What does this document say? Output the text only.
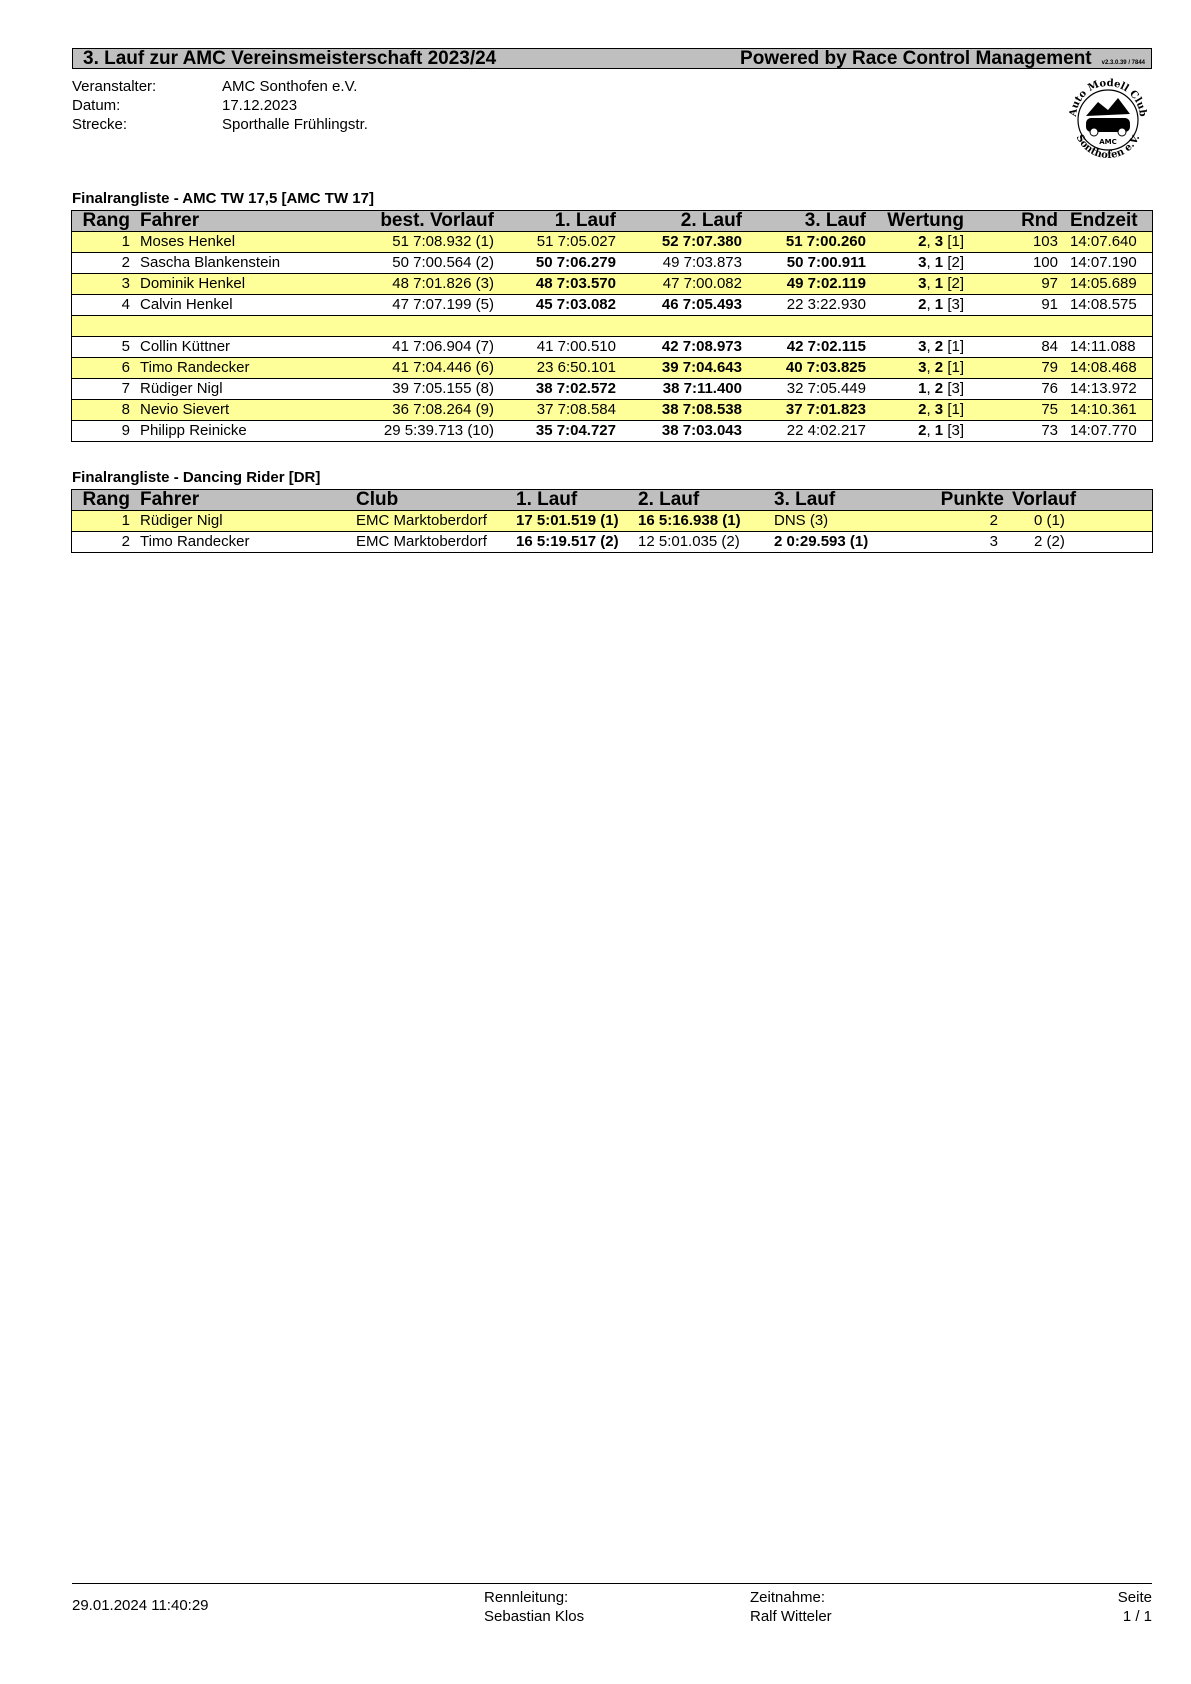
3. Lauf zur AMC Vereinsmeisterschaft 2023/24	Powered by Race Control Management v2.3.0.39 / 7844
Veranstalter:	AMC Sonthofen e.V.
Datum:	17.12.2023
Strecke:	Sporthalle Frühlingstr.
Auto Modell Club
Sonthofen e.V.
AMC
Finalrangliste - AMC TW 17,5 [AMC TW 17]
Rang	Fahrer	best. Vorlauf	1. Lauf	2. Lauf	3. Lauf	Wertung	Rnd	Endzeit
1	Moses Henkel	51 7:08.932 (1)	51 7:05.027	52 7:07.380	51 7:00.260	2, 3 [1]	103	14:07.640
2	Sascha Blankenstein	50 7:00.564 (2)	50 7:06.279	49 7:03.873	50 7:00.911	3, 1 [2]	100	14:07.190
3	Dominik Henkel	48 7:01.826 (3)	48 7:03.570	47 7:00.082	49 7:02.119	3, 1 [2]	97	14:05.689
4	Calvin Henkel	47 7:07.199 (5)	45 7:03.082	46 7:05.493	22 3:22.930	2, 1 [3]	91	14:08.575

5	Collin Küttner	41 7:06.904 (7)	41 7:00.510	42 7:08.973	42 7:02.115	3, 2 [1]	84	14:11.088
6	Timo Randecker	41 7:04.446 (6)	23 6:50.101	39 7:04.643	40 7:03.825	3, 2 [1]	79	14:08.468
7	Rüdiger Nigl	39 7:05.155 (8)	38 7:02.572	38 7:11.400	32 7:05.449	1, 2 [3]	76	14:13.972
8	Nevio Sievert	36 7:08.264 (9)	37 7:08.584	38 7:08.538	37 7:01.823	2, 3 [1]	75	14:10.361
9	Philipp Reinicke	29 5:39.713 (10)	35 7:04.727	38 7:03.043	22 4:02.217	2, 1 [3]	73	14:07.770
Finalrangliste - Dancing Rider [DR]
Rang	Fahrer	Club	1. Lauf	2. Lauf	3. Lauf	Punkte	Vorlauf
1	Rüdiger Nigl	EMC Marktoberdorf	17 5:01.519 (1)	16 5:16.938 (1)	DNS (3)	2	0 (1)
2	Timo Randecker	EMC Marktoberdorf	16 5:19.517 (2)	12 5:01.035 (2)	2 0:29.593 (1)	3	2 (2)
29.01.2024 11:40:29	Rennleitung:
Sebastian Klos
Zeitnahme:
Ralf Witteler
Seite
1 / 1
